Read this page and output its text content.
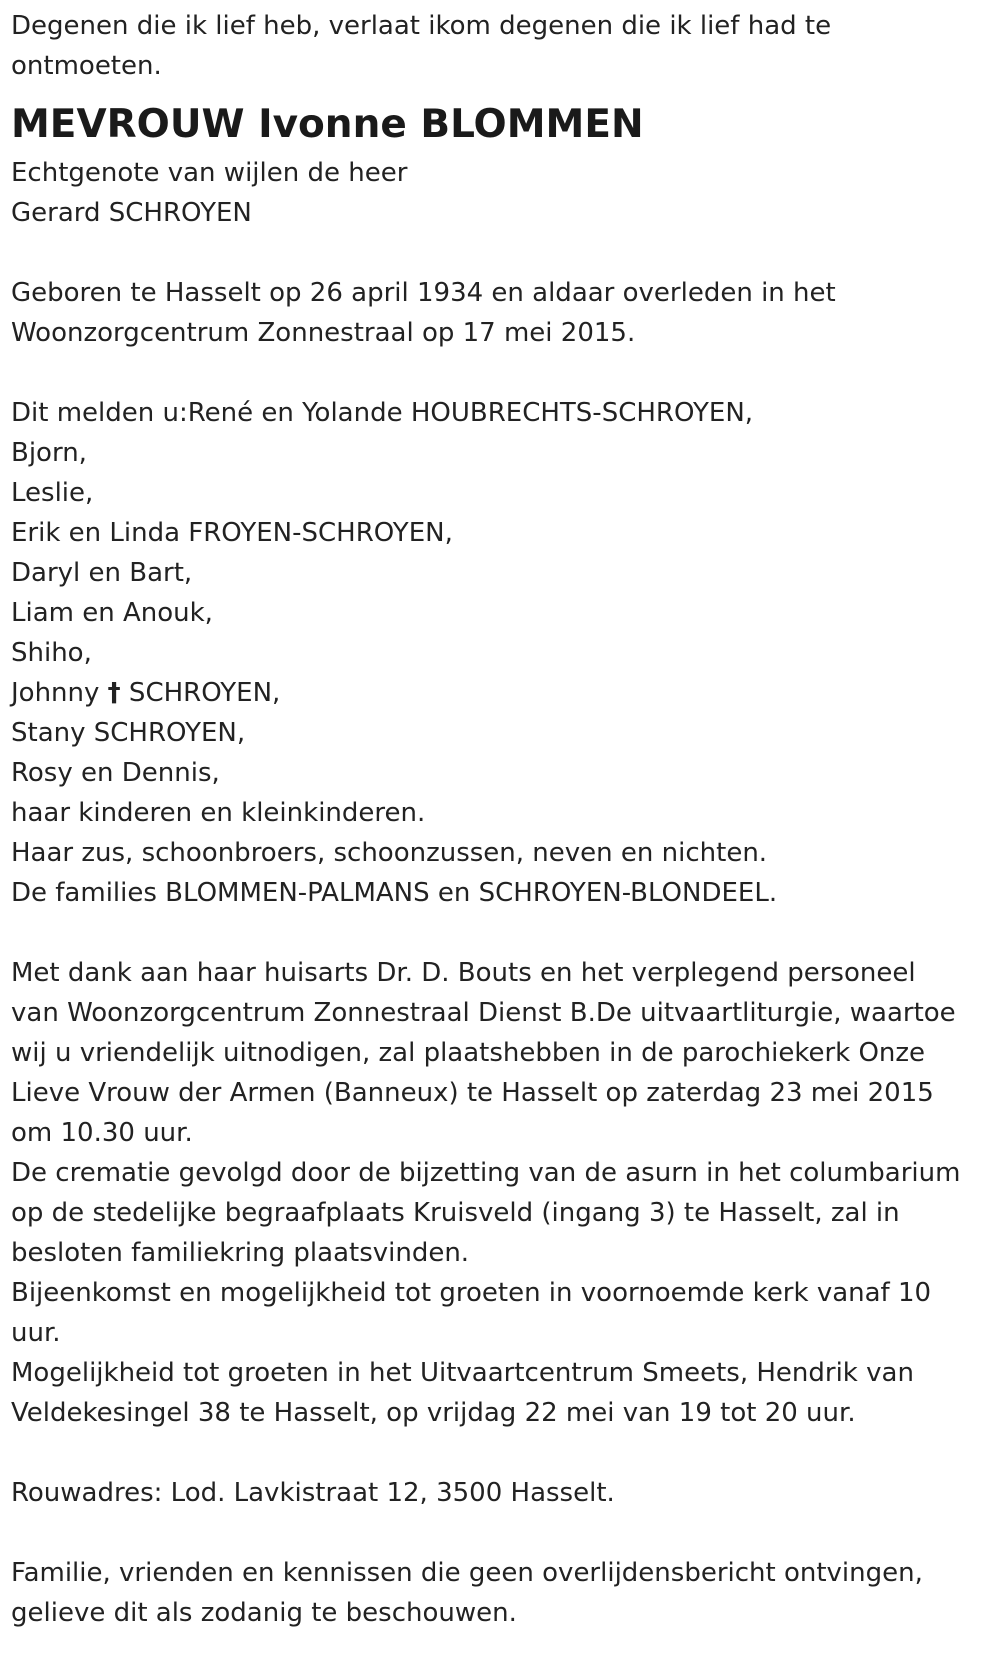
Degenen die ik lief heb, verlaat ikom degenen die ik lief had te
ontmoeten.
MEVROUW Ivonne BLOMMEN
Echtgenote van wijlen de heer
Gerard SCHROYEN
Geboren te Hasselt op 26 april 1934 en aldaar overleden in het
Woonzorgcentrum Zonnestraal op 17 mei 2015.
Dit melden u:René en Yolande HOUBRECHTS-SCHROYEN,
Bjorn,
Leslie,
Erik en Linda FROYEN-SCHROYEN,
Daryl en Bart,
Liam en Anouk,
Shiho,
Johnny † SCHROYEN,
Stany SCHROYEN,
Rosy en Dennis,
haar kinderen en kleinkinderen.
Haar zus, schoonbroers, schoonzussen, neven en nichten.
De families BLOMMEN-PALMANS en SCHROYEN-BLONDEEL.
Met dank aan haar huisarts Dr. D. Bouts en het verplegend personeel
van Woonzorgcentrum Zonnestraal Dienst B.De uitvaartliturgie, waartoe
wij u vriendelijk uitnodigen, zal plaatshebben in de parochiekerk Onze
Lieve Vrouw der Armen (Banneux) te Hasselt op zaterdag 23 mei 2015
om 10.30 uur.
De crematie gevolgd door de bijzetting van de asurn in het columbarium
op de stedelijke begraafplaats Kruisveld (ingang 3) te Hasselt, zal in
besloten familiekring plaatsvinden.
Bijeenkomst en mogelijkheid tot groeten in voornoemde kerk vanaf 10
uur.
Mogelijkheid tot groeten in het Uitvaartcentrum Smeets, Hendrik van
Veldekesingel 38 te Hasselt, op vrijdag 22 mei van 19 tot 20 uur.
Rouwadres: Lod. Lavkistraat 12, 3500 Hasselt.
Familie, vrienden en kennissen die geen overlijdensbericht ontvingen,
gelieve dit als zodanig te beschouwen.
